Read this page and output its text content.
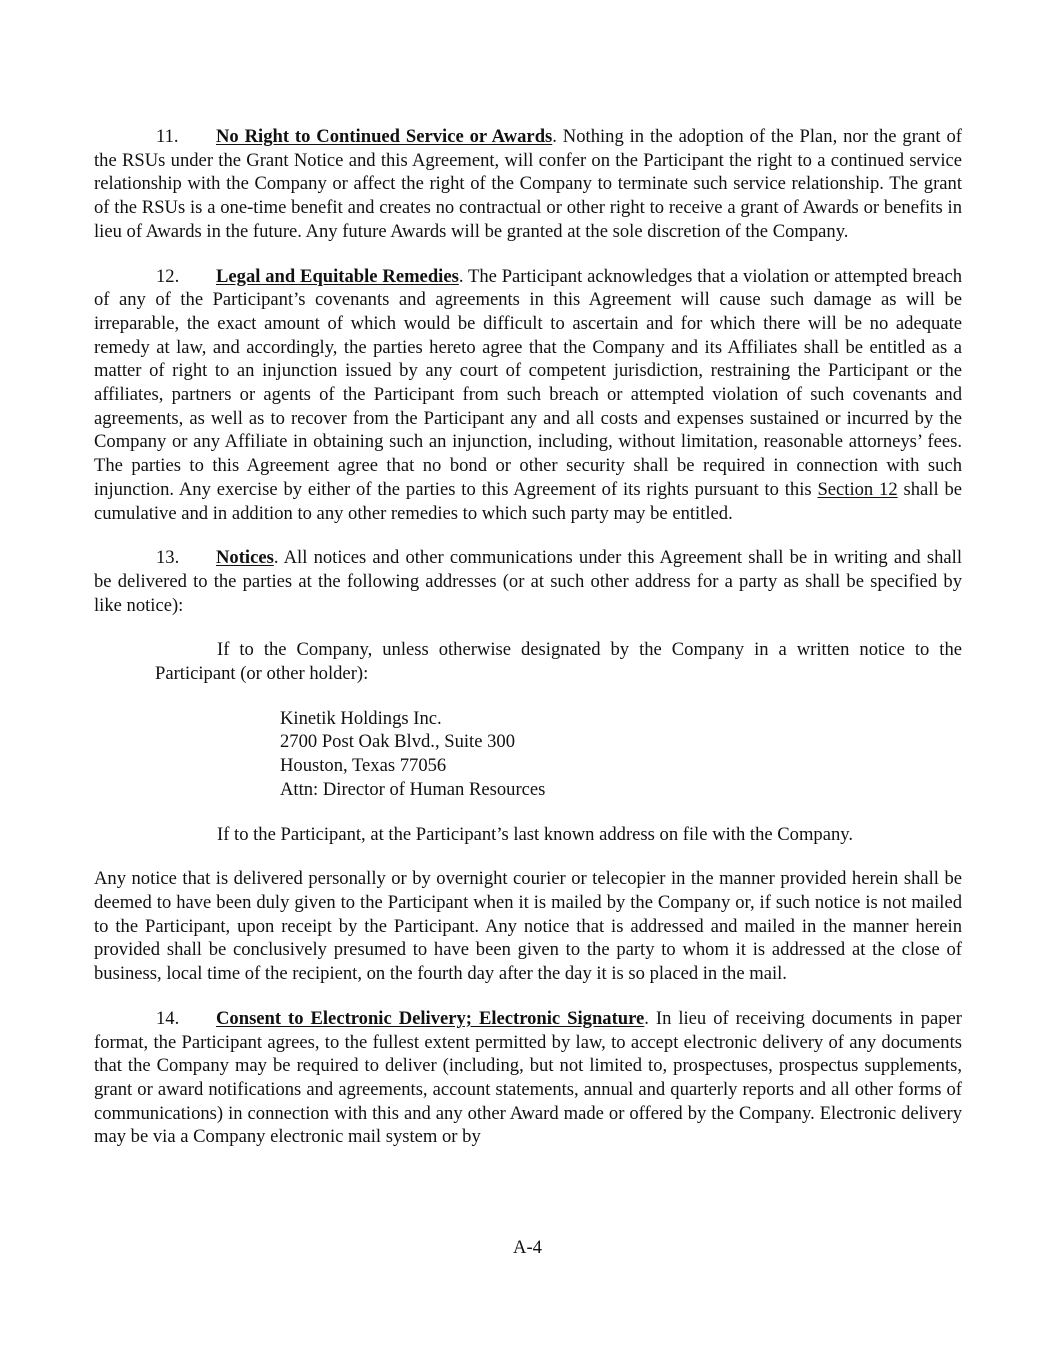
11. No Right to Continued Service or Awards. Nothing in the adoption of the Plan, nor the grant of the RSUs under the Grant Notice and this Agreement, will confer on the Participant the right to a continued service relationship with the Company or affect the right of the Company to terminate such service relationship. The grant of the RSUs is a one-time benefit and creates no contractual or other right to receive a grant of Awards or benefits in lieu of Awards in the future. Any future Awards will be granted at the sole discretion of the Company.

12. Legal and Equitable Remedies. The Participant acknowledges that a violation or attempted breach of any of the Participant’s covenants and agreements in this Agreement will cause such damage as will be irreparable, the exact amount of which would be difficult to ascertain and for which there will be no adequate remedy at law, and accordingly, the parties hereto agree that the Company and its Affiliates shall be entitled as a matter of right to an injunction issued by any court of competent jurisdiction, restraining the Participant or the affiliates, partners or agents of the Participant from such breach or attempted violation of such covenants and agreements, as well as to recover from the Participant any and all costs and expenses sustained or incurred by the Company or any Affiliate in obtaining such an injunction, including, without limitation, reasonable attorneys’ fees. The parties to this Agreement agree that no bond or other security shall be required in connection with such injunction. Any exercise by either of the parties to this Agreement of its rights pursuant to this Section 12 shall be cumulative and in addition to any other remedies to which such party may be entitled.

13. Notices. All notices and other communications under this Agreement shall be in writing and shall be delivered to the parties at the following addresses (or at such other address for a party as shall be specified by like notice):

If to the Company, unless otherwise designated by the Company in a written notice to the Participant (or other holder):

Kinetik Holdings Inc.
2700 Post Oak Blvd., Suite 300
Houston, Texas 77056
Attn: Director of Human Resources

If to the Participant, at the Participant’s last known address on file with the Company.

Any notice that is delivered personally or by overnight courier or telecopier in the manner provided herein shall be deemed to have been duly given to the Participant when it is mailed by the Company or, if such notice is not mailed to the Participant, upon receipt by the Participant. Any notice that is addressed and mailed in the manner herein provided shall be conclusively presumed to have been given to the party to whom it is addressed at the close of business, local time of the recipient, on the fourth day after the day it is so placed in the mail.

14. Consent to Electronic Delivery; Electronic Signature. In lieu of receiving documents in paper format, the Participant agrees, to the fullest extent permitted by law, to accept electronic delivery of any documents that the Company may be required to deliver (including, but not limited to, prospectuses, prospectus supplements, grant or award notifications and agreements, account statements, annual and quarterly reports and all other forms of communications) in connection with this and any other Award made or offered by the Company. Electronic delivery may be via a Company electronic mail system or by

A-4
